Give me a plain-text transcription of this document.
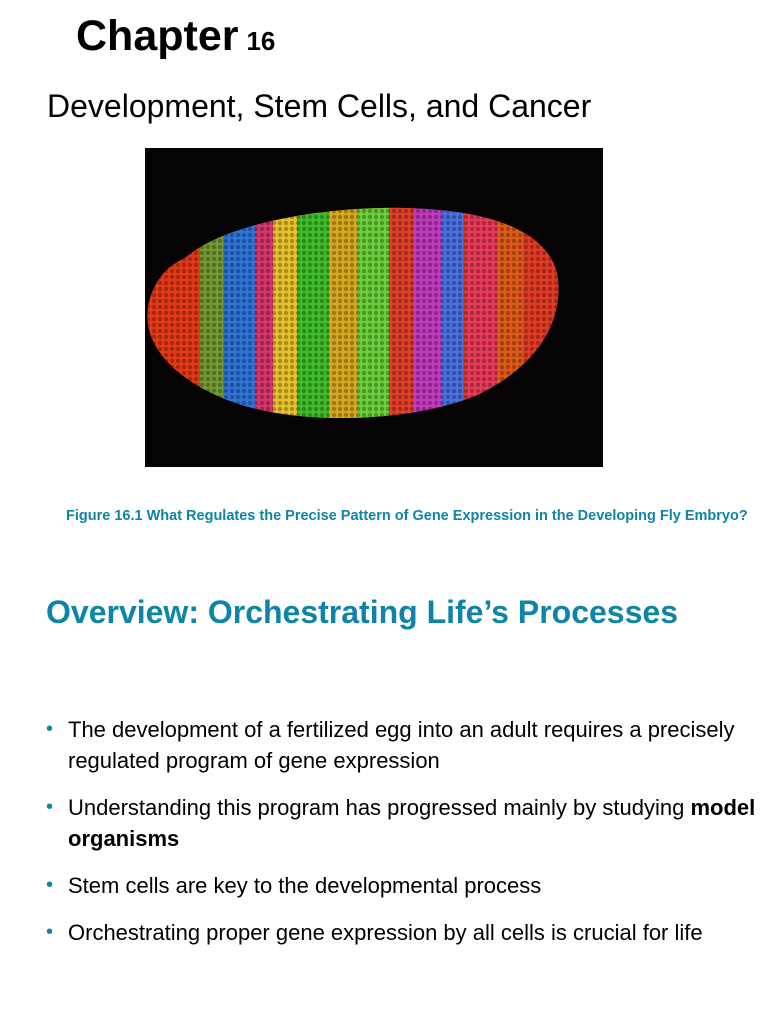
Chapter 16
Development, Stem Cells, and Cancer
Figure 16.1 What Regulates the Precise Pattern of Gene Expression in the Developing Fly Embryo?
Overview: Orchestrating Life’s Processes
• The development of a fertilized egg into an adult requires a precisely regulated program of gene expression
• Understanding this program has progressed mainly by studying model organisms
• Stem cells are key to the developmental process
• Orchestrating proper gene expression by all cells is crucial for life
